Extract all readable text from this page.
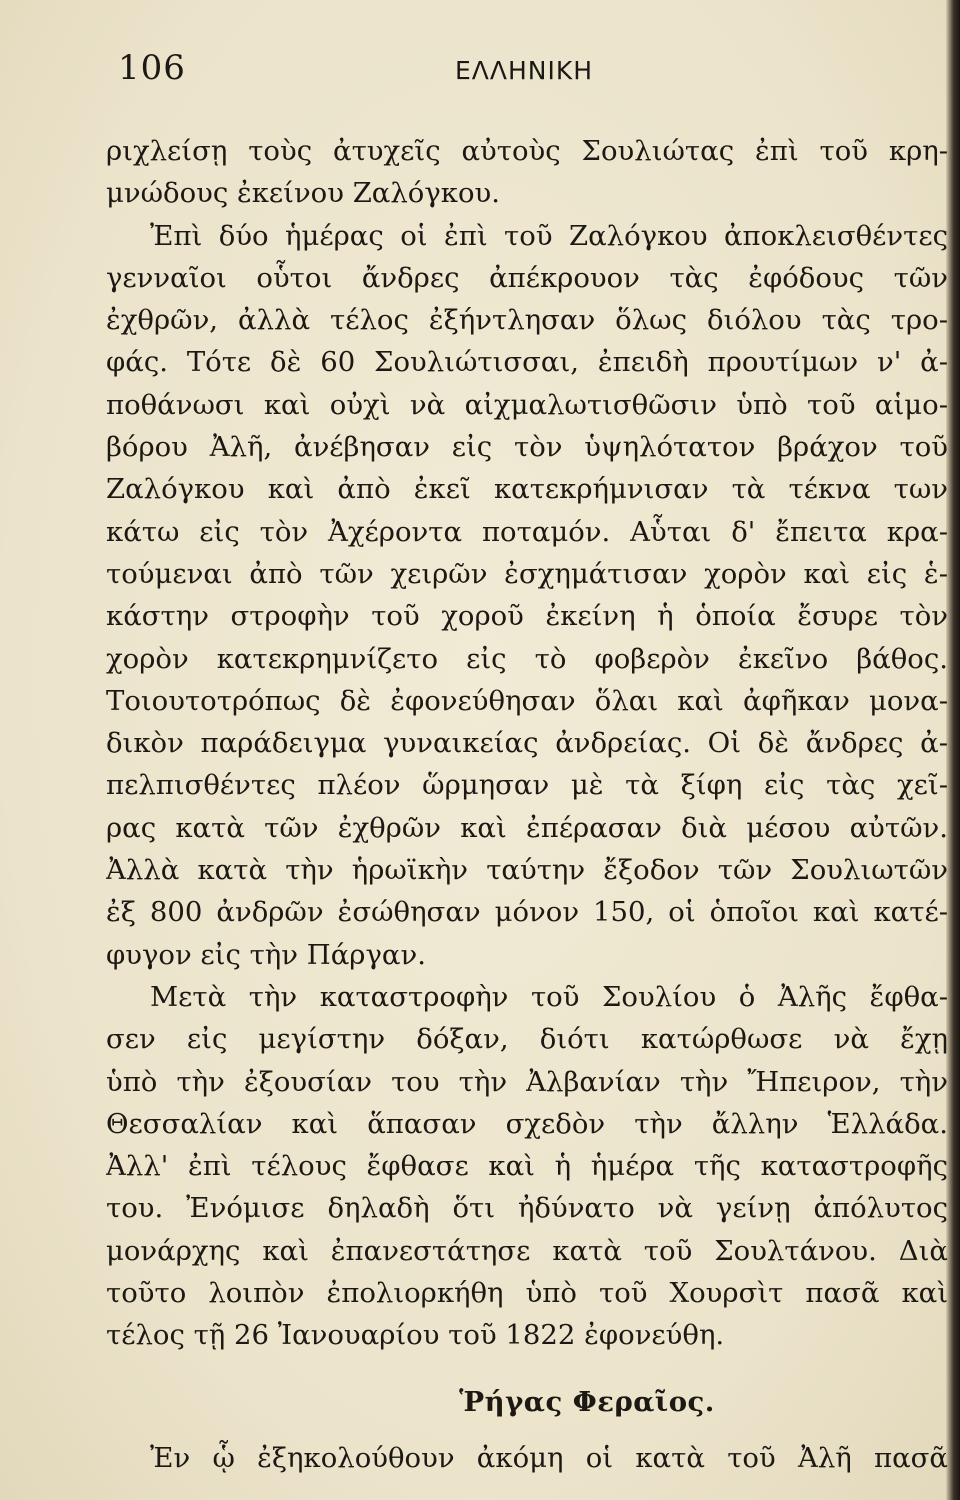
106	ΕΛΛΗΝΙΚΗ
ριχλείσῃ τοὺς ἀτυχεῖς αὐτοὺς Σουλιώτας ἐπὶ τοῦ κρη-
μνώδους ἐκείνου Ζαλόγκου.
Ἐπὶ δύο ἡμέρας οἱ ἐπὶ τοῦ Ζαλόγκου ἀποκλεισθέντες
γενναῖοι οὗτοι ἄνδρες ἀπέκρουον τὰς ἐφόδους τῶν
ἐχθρῶν, ἀλλὰ τέλος ἐξήντλησαν ὅλως διόλου τὰς τρο-
φάς. Τότε δὲ 60 Σουλιώτισσαι, ἐπειδὴ προυτίμων ν' ἀ-
ποθάνωσι καὶ οὐχὶ νὰ αἰχμαλωτισθῶσιν ὑπὸ τοῦ αἱμο-
βόρου Ἀλῆ, ἀνέβησαν εἰς τὸν ὑψηλότατον βράχον τοῦ
Ζαλόγκου καὶ ἀπὸ ἐκεῖ κατεκρήμνισαν τὰ τέκνα των
κάτω εἰς τὸν Ἀχέροντα ποταμόν. Αὗται δ' ἔπειτα κρα-
τούμεναι ἀπὸ τῶν χειρῶν ἐσχημάτισαν χορὸν καὶ εἰς ἑ-
κάστην στροφὴν τοῦ χοροῦ ἐκείνη ἡ ὁποία ἔσυρε τὸν
χορὸν κατεκρημνίζετο εἰς τὸ φοβερὸν ἐκεῖνο βάθος.
Τοιουτοτρόπως δὲ ἐφονεύθησαν ὅλαι καὶ ἀφῆκαν μονα-
δικὸν παράδειγμα γυναικείας ἀνδρείας. Οἱ δὲ ἄνδρες ἀ-
πελπισθέντες πλέον ὥρμησαν μὲ τὰ ξίφη εἰς τὰς χεῖ-
ρας κατὰ τῶν ἐχθρῶν καὶ ἐπέρασαν διὰ μέσου αὐτῶν.
Ἀλλὰ κατὰ τὴν ἡρωϊκὴν ταύτην ἔξοδον τῶν Σουλιωτῶν
ἐξ 800 ἀνδρῶν ἐσώθησαν μόνον 150, οἱ ὁποῖοι καὶ κατέ-
φυγον εἰς τὴν Πάργαν.
Μετὰ τὴν καταστροφὴν τοῦ Σουλίου ὁ Ἀλῆς ἔφθα-
σεν εἰς μεγίστην δόξαν, διότι κατώρθωσε νὰ ἔχῃ
ὑπὸ τὴν ἐξουσίαν του τὴν Ἀλβανίαν τὴν Ἤπειρον, τὴν
Θεσσαλίαν καὶ ἅπασαν σχεδὸν τὴν ἄλλην Ἑλλάδα.
Ἀλλ' ἐπὶ τέλους ἔφθασε καὶ ἡ ἡμέρα τῆς καταστροφῆς
του. Ἐνόμισε δηλαδὴ ὅτι ἠδύνατο νὰ γείνῃ ἀπόλυτος
μονάρχης καὶ ἐπανεστάτησε κατὰ τοῦ Σουλτάνου. Διὰ
τοῦτο λοιπὸν ἐπολιορκήθη ὑπὸ τοῦ Χουρσὶτ πασᾶ καὶ
τέλος τῇ 26 Ἰανουαρίου τοῦ 1822 ἐφονεύθη.
Ῥήγας Φεραῖος.
Ἐν ᾧ ἐξηκολούθουν ἀκόμη οἱ κατὰ τοῦ Ἀλῆ πασᾶ
